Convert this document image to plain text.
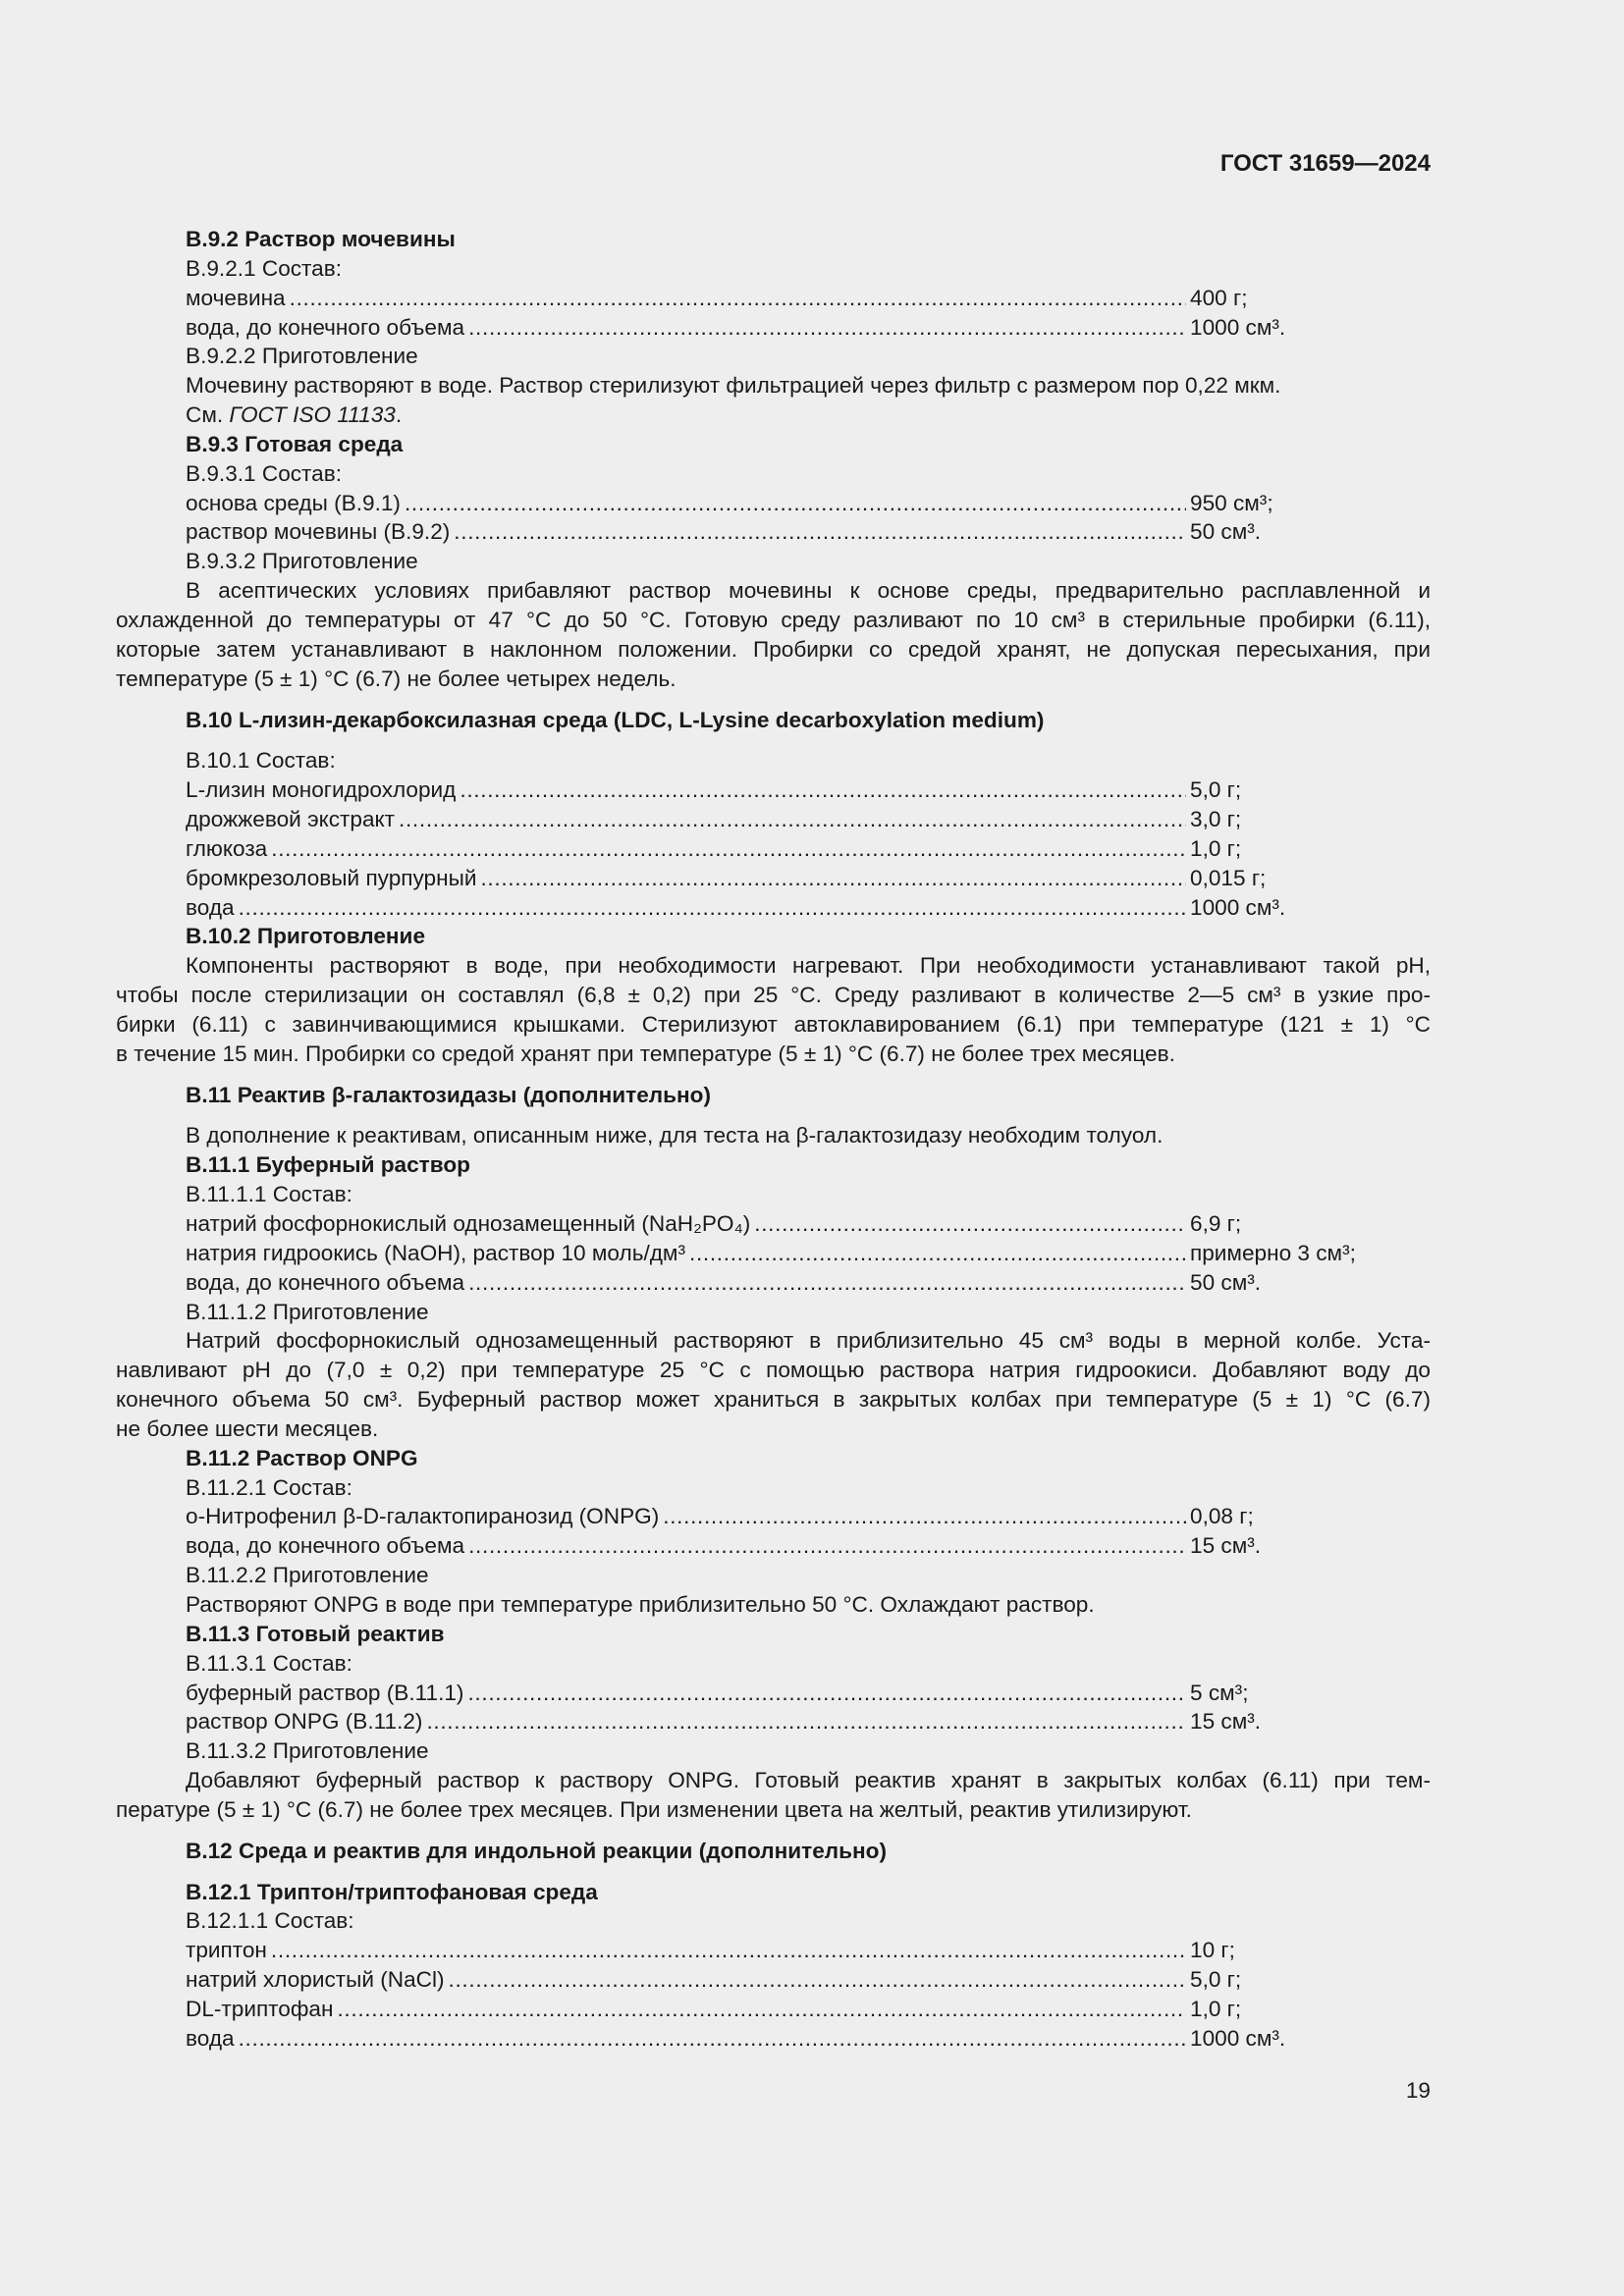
ГОСТ 31659—2024
В.9.2 Раствор мочевины
В.9.2.1 Состав:
мочевина . . .	400 г;
вода, до конечного объема . . .	1000 см³.
В.9.2.2 Приготовление
Мочевину растворяют в воде. Раствор стерилизуют фильтрацией через фильтр с размером пор 0,22 мкм.
См. ГОСТ ISO 11133.
В.9.3 Готовая среда
В.9.3.1 Состав:
основа среды (В.9.1) . . .	950 см³;
раствор мочевины (В.9.2) . . .	50 см³.
В.9.3.2 Приготовление
В асептических условиях прибавляют раствор мочевины к основе среды, предварительно расплавленной и
охлажденной до температуры от 47 °С до 50 °С. Готовую среду разливают по 10 см³ в стерильные пробирки (6.11),
которые затем устанавливают в наклонном положении. Пробирки со средой хранят, не допуская пересыхания, при
температуре (5 ± 1) °С (6.7) не более четырех недель.
В.10 L-лизин-декарбоксилазная среда (LDC, L-Lysine decarboxylation medium)
В.10.1 Состав:
L-лизин моногидрохлорид . . .	5,0 г;
дрожжевой экстракт . . .	3,0 г;
глюкоза . . .	1,0 г;
бромкрезоловый пурпурный . . .	0,015 г;
вода . . .	1000 см³.
В.10.2 Приготовление
Компоненты растворяют в воде, при необходимости нагревают. При необходимости устанавливают такой pH,
чтобы после стерилизации он составлял (6,8 ± 0,2) при 25 °С. Среду разливают в количестве 2—5 см³ в узкие про-
бирки (6.11) с завинчивающимися крышками. Стерилизуют автоклавированием (6.1) при температуре (121 ± 1) °С
в течение 15 мин. Пробирки со средой хранят при температуре (5 ± 1) °С (6.7) не более трех месяцев.
В.11 Реактив β-галактозидазы (дополнительно)
В дополнение к реактивам, описанным ниже, для теста на β-галактозидазу необходим толуол.
В.11.1 Буферный раствор
В.11.1.1 Состав:
натрий фосфорнокислый однозамещенный (NaH₂PO₄) . . .	6,9 г;
натрия гидроокись (NaOH), раствор 10 моль/дм³ . . .	примерно 3 см³;
вода, до конечного объема . . .	50 см³.
В.11.1.2 Приготовление
Натрий фосфорнокислый однозамещенный растворяют в приблизительно 45 см³ воды в мерной колбе. Уста-
навливают pH до (7,0 ± 0,2) при температуре 25 °С с помощью раствора натрия гидроокиси. Добавляют воду до
конечного объема 50 см³. Буферный раствор может храниться в закрытых колбах при температуре (5 ± 1) °С (6.7)
не более шести месяцев.
В.11.2 Раствор ONPG
В.11.2.1 Состав:
о-Нитрофенил β-D-галактопиранозид (ONPG) . . .	0,08 г;
вода, до конечного объема . . .	15 см³.
В.11.2.2 Приготовление
Растворяют ONPG в воде при температуре приблизительно 50 °С. Охлаждают раствор.
В.11.3 Готовый реактив
В.11.3.1 Состав:
буферный раствор (В.11.1) . . .	5 см³;
раствор ONPG (В.11.2) . . .	15 см³.
В.11.3.2 Приготовление
Добавляют буферный раствор к раствору ONPG. Готовый реактив хранят в закрытых колбах (6.11) при тем-
пературе (5 ± 1) °С (6.7) не более трех месяцев. При изменении цвета на желтый, реактив утилизируют.
В.12 Среда и реактив для индольной реакции (дополнительно)
В.12.1 Триптон/триптофановая среда
В.12.1.1 Состав:
триптон . . .	10 г;
натрий хлористый (NaCl) . . .	5,0 г;
DL-триптофан . . .	1,0 г;
вода . . .	1000 см³.
19
